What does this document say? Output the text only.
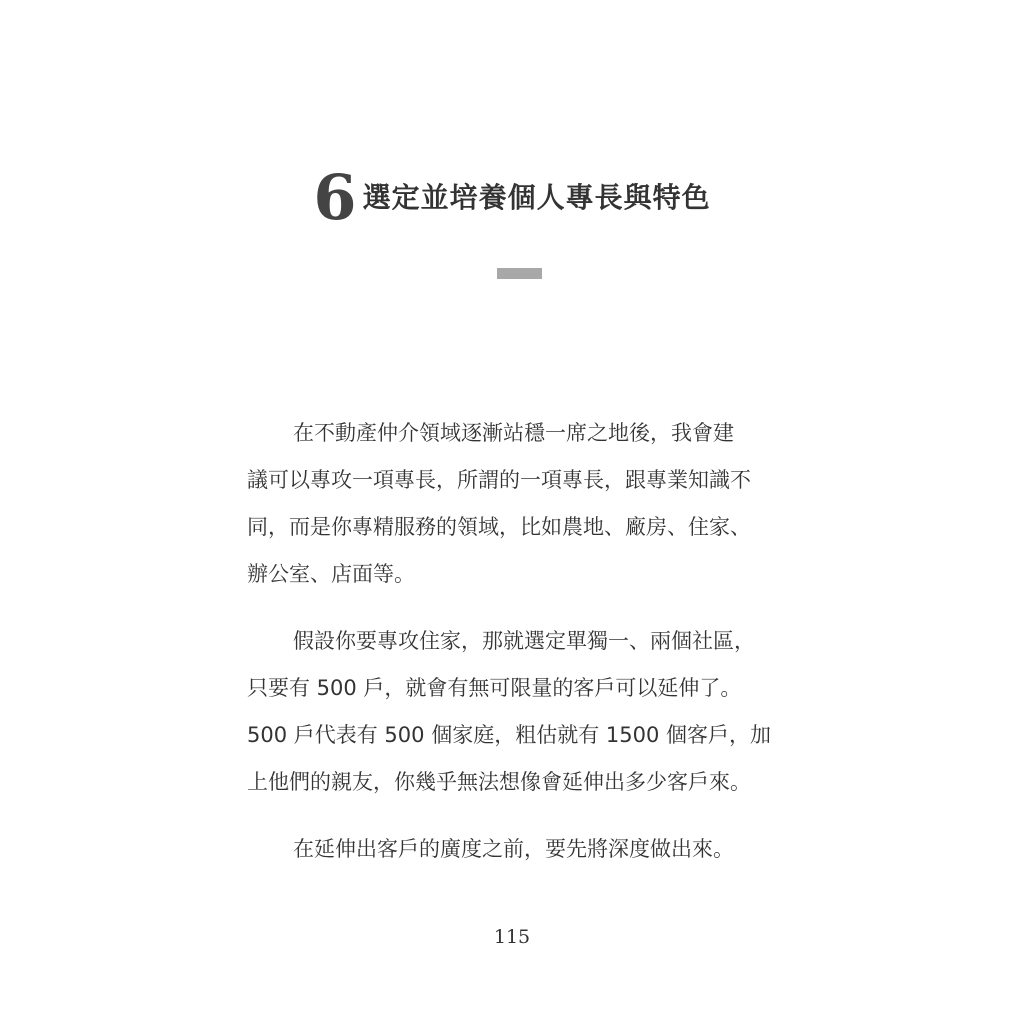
6 選定並培養個人專長與特色

在不動產仲介領域逐漸站穩一席之地後，我會建
議可以專攻一項專長，所謂的一項專長，跟專業知識不
同，而是你專精服務的領域，比如農地、廠房、住家、
辦公室、店面等。

假設你要專攻住家，那就選定單獨一、兩個社區，
只要有 500 戶，就會有無可限量的客戶可以延伸了。
500 戶代表有 500 個家庭，粗估就有 1500 個客戶，加
上他們的親友，你幾乎無法想像會延伸出多少客戶來。

在延伸出客戶的廣度之前，要先將深度做出來。

115
